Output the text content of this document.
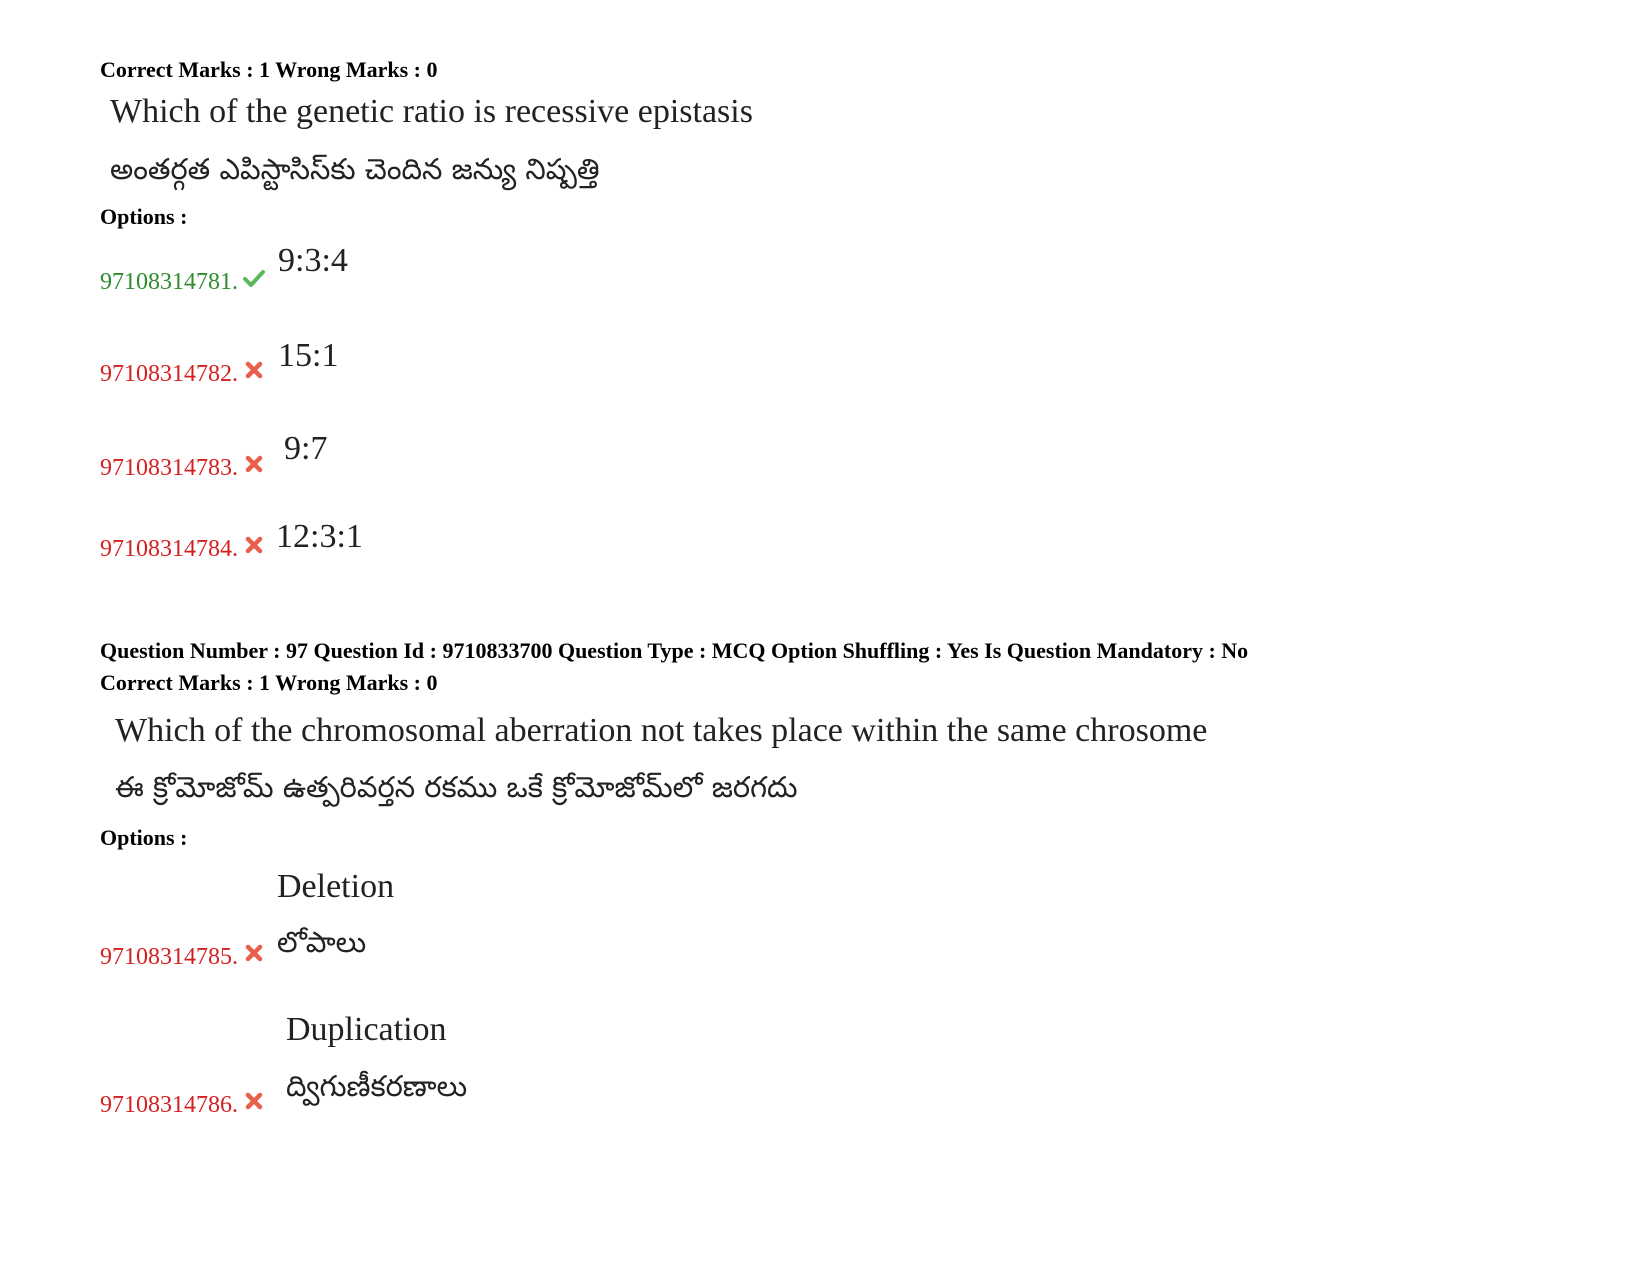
Correct Marks : 1 Wrong Marks : 0
Which of the genetic ratio is recessive epistasis
అంతర్గత ఎపిస్టాసిస్‌కు చెందిన జన్యు నిష్పత్తి
Options :
97108314781.
9:3:4
97108314782. 15:1
97108314783.
9:7
97108314784. 12:3:1
Question Number : 97 Question Id : 9710833700 Question Type : MCQ Option Shuffling : Yes Is Question Mandatory : No
Correct Marks : 1 Wrong Marks : 0
Which of the chromosomal aberration not takes place within the same chrosome
ఈ క్రోమోజోమ్ ఉత్పరివర్తన రకము ఒకే క్రోమోజోమ్‌లో జరగదు
Options :
Deletion
లోపాలు
97108314785.
Duplication
ద్విగుణీకరణాలు
97108314786.
